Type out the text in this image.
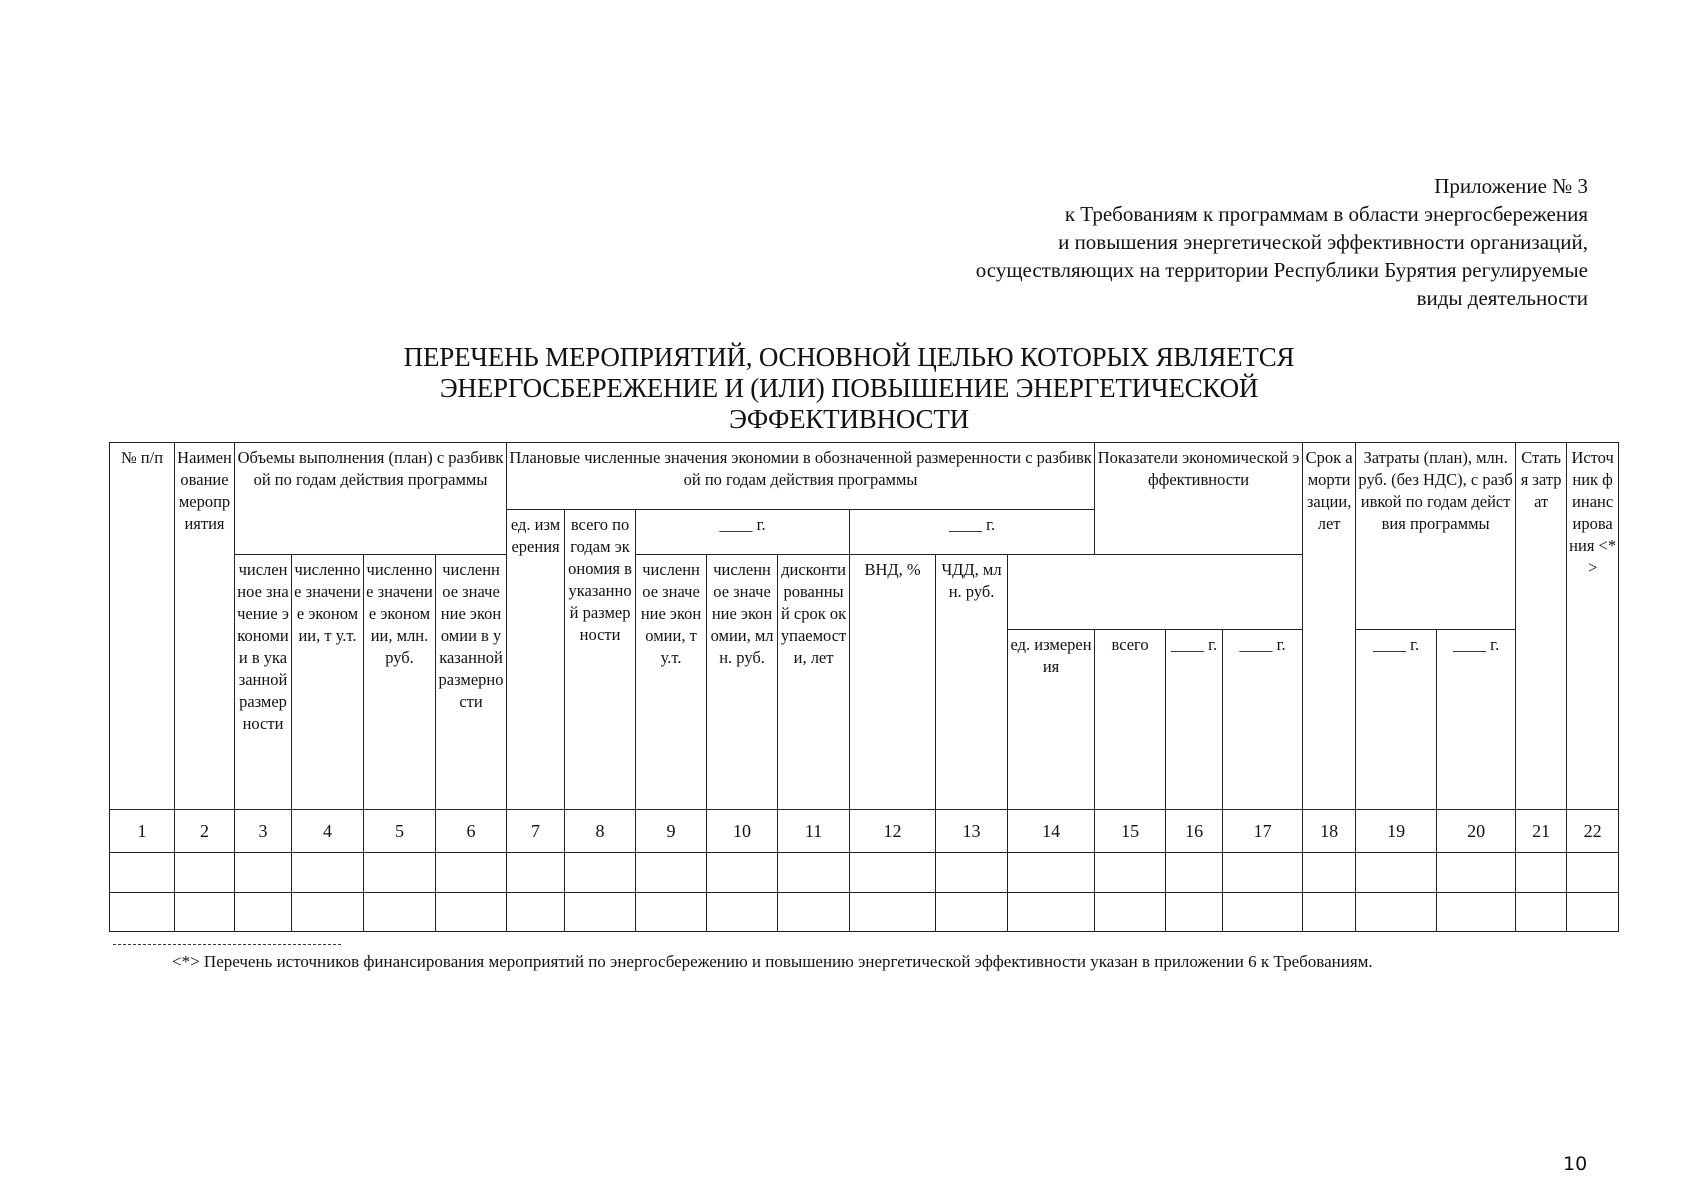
Приложение № 3
к Требованиям к программам в области энергосбережения
и повышения энергетической эффективности организаций,
осуществляющих на территории Республики Бурятия регулируемые
виды деятельности
ПЕРЕЧЕНЬ МЕРОПРИЯТИЙ, ОСНОВНОЙ ЦЕЛЬЮ КОТОРЫХ ЯВЛЯЕТСЯ
ЭНЕРГОСБЕРЕЖЕНИЕ И (ИЛИ) ПОВЫШЕНИЕ ЭНЕРГЕТИЧЕСКОЙ
ЭФФЕКТИВНОСТИ
№ п/п	Наименование мероприятия	Объемы выполнения (план) с разбивкой по годам действия программы				Плановые численные значения экономии в обозначенной размеренности с разбивкой по годам действия программы								Показатели экономической эффективности			Срок амортизации, лет	Затраты (план), млн. руб. (без НДС), с разбивкой по годам действия программы		Статья затрат	Источник финансирования <*>
						ед. измерения	всего по годам экономия в указанной размерности	____ г.			____ г.										
		численное значение экономии в указанной размерности	численное значение экономии, т у.т.	численное значение экономии, млн. руб.	численное значение экономии в указанной размерности			численное значение экономии, т у.т.	численное значение экономии, млн. руб.	дисконтированный срок окупаемости, лет	ВНД, %	ЧДД, млн. руб.									
													ед. измерения	всего	____ г.	____ г.		____ г.	____ г.		
1	2	3	4	5	6	7	8	9	10	11	12	13	14	15	16	17	18	19	20	21	22

<*> Перечень источников финансирования мероприятий по энергосбережению и повышению энергетической эффективности указан в приложении 6 к Требованиям.
10
